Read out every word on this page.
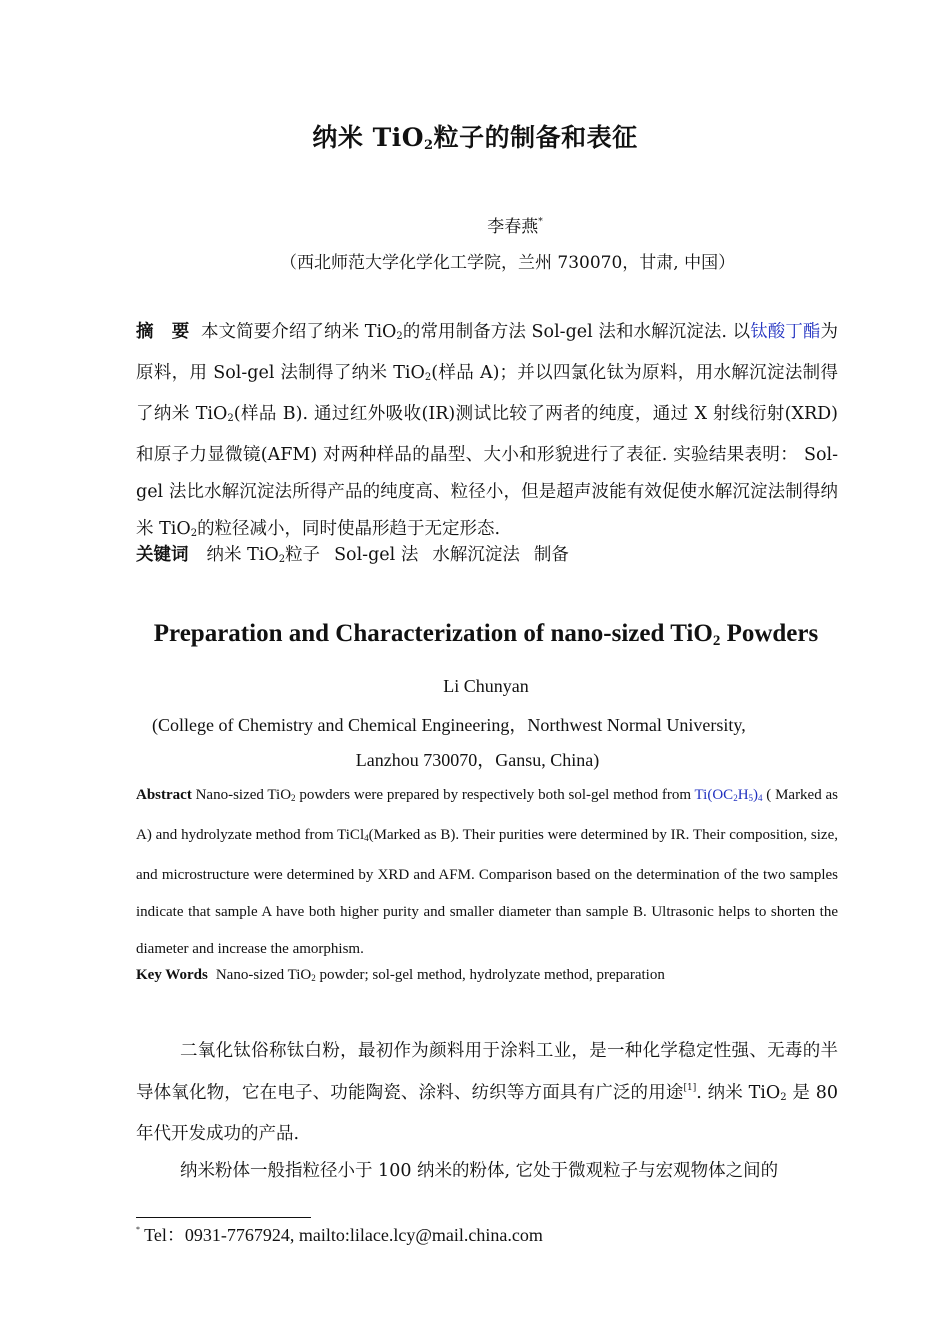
纳米 TiO$_2$粒子的制备和表征
李春燕*
（西北师范大学化学化工学院，兰州 730070，甘肃, 中国）
摘 要 本文简要介绍了纳米 TiO$_2$的常用制备方法 Sol-gel 法和水解沉淀法. 以钛酸丁酯为原料，用 Sol-gel 法制得了纳米 TiO$_2$(样品 A)；并以四氯化钛为原料，用水解沉淀法制得了纳米 TiO$_2$(样品 B). 通过红外吸收(IR)测试比较了两者的纯度，通过 X 射线衍射(XRD)和原子力显微镜(AFM) 对两种样品的晶型、大小和形貌进行了表征. 实验结果表明： Sol-gel 法比水解沉淀法所得产品的纯度高、粒径小，但是超声波能有效促使水解沉淀法制得纳米 TiO$_2$的粒径减小，同时使晶形趋于无定形态.
关键词 纳米 TiO$_2$粒子 Sol-gel 法 水解沉淀法 制备
Preparation and Characterization of nano-sized TiO$_2$ Powders
Li Chunyan
(College of Chemistry and Chemical Engineering，Northwest Normal University,
Lanzhou 730070，Gansu, China)
Abstract Nano-sized TiO$_2$ powders were prepared by respectively both sol-gel method from $Ti(OC_2H_5)_4$ ( Marked as A) and hydrolyzate method from TiCl$_4$(Marked as B). Their purities were determined by IR. Their composition, size, and microstructure were determined by XRD and AFM. Comparison based on the determination of the two samples indicate that sample A have both higher purity and smaller diameter than sample B. Ultrasonic helps to shorten the diameter and increase the amorphism.
Key Words Nano-sized TiO$_2$ powder; sol-gel method, hydrolyzate method, preparation

二氧化钛俗称钛白粉，最初作为颜料用于涂料工业，是一种化学稳定性强、无毒的半导体氧化物，它在电子、功能陶瓷、涂料、纺织等方面具有广泛的用途[1]. 纳米 TiO$_2$ 是 80 年代开发成功的产品.

纳米粉体一般指粒径小于 100 纳米的粉体, 它处于微观粒子与宏观物体之间的

* Tel：0931-7767924, mailto:lilace.lcy@mail.china.com
